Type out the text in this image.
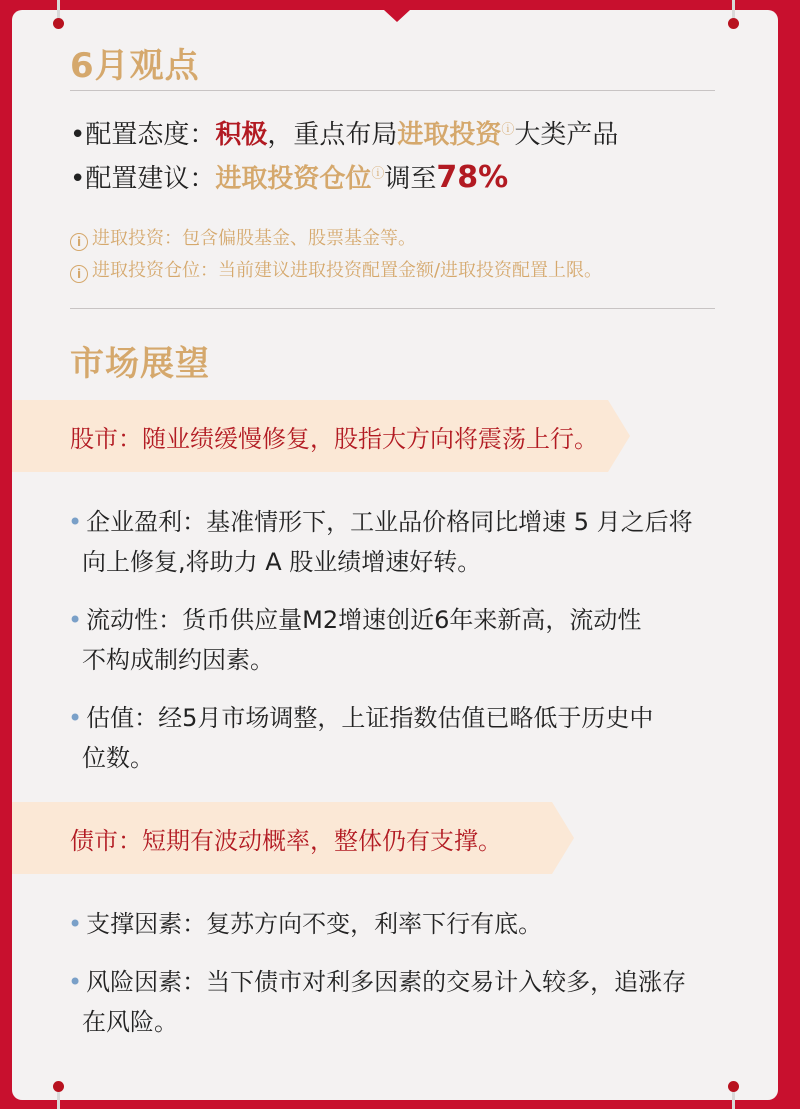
6月观点
•配置态度：积极，重点布局进取投资ⓘ大类产品
•配置建议：进取投资仓位ⓘ调至78%
i 进取投资：包含偏股基金、股票基金等。
i 进取投资仓位：当前建议进取投资配置金额/进取投资配置上限。
市场展望
股市：随业绩缓慢修复，股指大方向将震荡上行。
• 企业盈利：基准情形下，工业品价格同比增速 5 月之后将
向上修复,将助力 A 股业绩增速好转。
• 流动性：货币供应量M2增速创近6年来新高，流动性
不构成制约因素。
• 估值：经5月市场调整，上证指数估值已略低于历史中
位数。
债市：短期有波动概率，整体仍有支撑。
• 支撑因素：复苏方向不变，利率下行有底。
• 风险因素：当下债市对利多因素的交易计入较多，追涨存
在风险。
